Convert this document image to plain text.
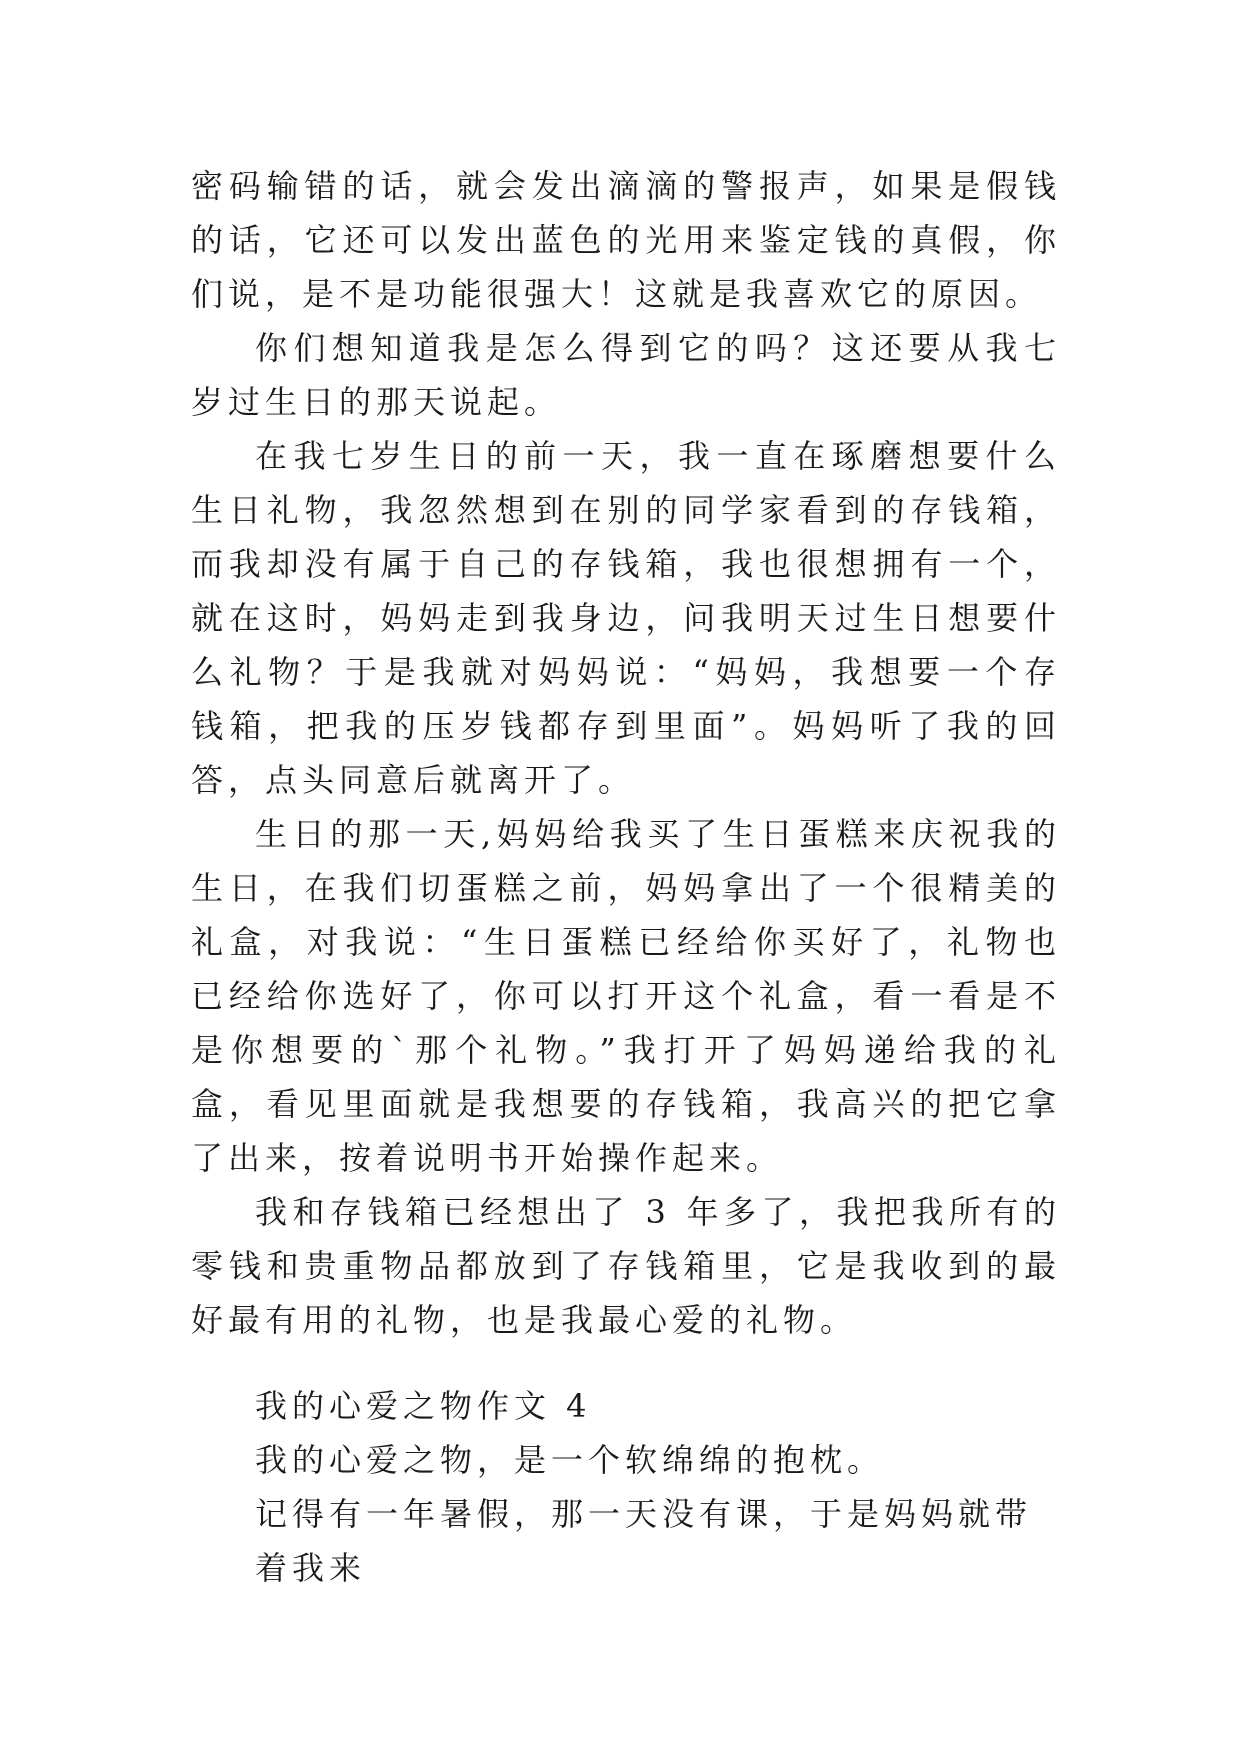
密码输错的话，就会发出滴滴的警报声，如果是假钱的话，它还可以发出蓝色的光用来鉴定钱的真假，你们说，是不是功能很强大！这就是我喜欢它的原因。

你们想知道我是怎么得到它的吗？这还要从我七岁过生日的那天说起。

在我七岁生日的前一天，我一直在琢磨想要什么生日礼物，我忽然想到在别的同学家看到的存钱箱，而我却没有属于自己的存钱箱，我也很想拥有一个，就在这时，妈妈走到我身边，问我明天过生日想要什么礼物？于是我就对妈妈说：“妈妈，我想要一个存钱箱，把我的压岁钱都存到里面”。妈妈听了我的回答，点头同意后就离开了。

生日的那一天,妈妈给我买了生日蛋糕来庆祝我的生日，在我们切蛋糕之前，妈妈拿出了一个很精美的礼盒，对我说：“生日蛋糕已经给你买好了，礼物也已经给你选好了，你可以打开这个礼盒，看一看是不是你想要的`那个礼物。”我打开了妈妈递给我的礼盒，看见里面就是我想要的存钱箱，我高兴的把它拿了出来，按着说明书开始操作起来。

我和存钱箱已经想出了 3 年多了，我把我所有的零钱和贵重物品都放到了存钱箱里，它是我收到的最好最有用的礼物，也是我最心爱的礼物。

我的心爱之物作文 4

我的心爱之物，是一个软绵绵的抱枕。

记得有一年暑假，那一天没有课，于是妈妈就带着我来
